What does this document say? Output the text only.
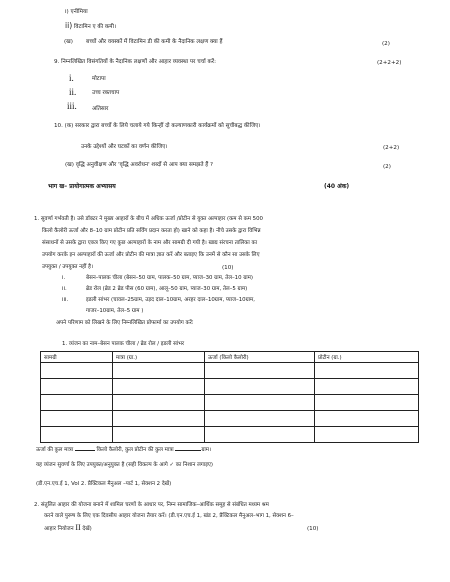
i) एनीमिया
ii) विटामिन ए की कमी।
(ख) बच्चों और वयस्कों में विटामिन डी की कमी के नैदानिक लक्षण क्या हैं	(2)
9. निम्नलिखित विसंगतियों के नैदानिक लक्षणों और आहार व्यवस्था पर चर्चा करें:	(2+2+2)
i.	मोटापा
ii.	उच्च रक्तचाप
iii.	अतिसार
10. (क) सरकार द्वारा बच्चों के लिये चलाये गये किन्हीं दो कल्याणकारी कार्यक्रमों को सूचीबद्ध कीजिए।
उनके उद्देश्यों और घटकों का वर्णन कीजिए।	(2+2)
(ख) वृद्धि अनुवीक्षण और 'वृद्धि अवरोधन' शब्दों से आप क्या समझते हैं ?	(2)
भाग ख– प्रायोगात्मक अभ्यासय	(40 अंक)
1. सुवर्णा गर्भवती है। उसे डॉक्टर ने मुख्य आहारों के बीच में अधिक ऊर्जा /प्रोटीन से युक्त अल्पाहार (कम से कम 500
किलो कैलोरी ऊर्जा और 8–10 ग्राम प्रोटीन प्रति सर्विंग प्रदान करता हो) खाने को कहा है। नीचे उसके द्वारा विभिन्न
संसाधनों से उसके द्वारा एकत्र किए गए कुछ अल्पाहारों के नाम और सामग्री दी गयी है। खाद्य संरचना तालिका का
उपयोग करके इन अल्पाहारों की ऊर्जा और प्रोटीन की मात्रा ज्ञात करें और बताइए कि उनमें से कौन सा उसके लिए
उपयुक्त / उपयुक्त नहीं है।	(10)
i.	बेसन–पालक चीला (बेसन–50 ग्राम, पालक–50 ग्राम, प्याज–30 ग्राम, तेल–10 ग्राम)
ii.	ब्रेड रोल (ब्रेड 2 ब्रेड पीस (60 ग्राम), आलू–50 ग्राम, प्याज–30 ग्राम, तेल–5 ग्राम)
iii.	इडली सांभर (चावल–25ग्राम, उड़द दाल–10ग्राम, अरहर दाल–10ग्राम, प्याज–10ग्राम,
गाजर–10ग्राम, तेल–5 ग्राम )
अपने परिणाम को लिखने के लिए निम्नलिखित प्रोफार्मा का उपयोग करेंः
1. व्यंजन का नाम–बेसन पालक चीला / ब्रेड रोल / इडली सांभर
सामग्री	मात्रा (ग्रा.)	ऊर्जा (किलो कैलोरी)	प्रोटीन (ग्रा.)

ऊर्जा की कुल मात्रा	किलो कैलोरी, कुल प्रोटीन की कुल मात्रा	ग्राम।
यह व्यंजन सुवर्णा के लिए उपयुक्त/अनुयुक्त है (सही विकल्प के आगे ✓ का निशान लगाइए)
(डी.एन.एच.ई 1, Vol 2. प्रैक्टिकल मैनुअल –पार्ट 1, सेक्शन 2 देखें)
2. संतुलित आहार की योजना बनाने में शामिल चरणों के आधार पर, निम्न सामाजिक–आर्थिक समूह से संबंधित मध्यम श्रम
करने वाले पुरूष के लिए एक दिवसीय आहार योजना तैयार करें। (डी.एन.एच.ई 1, खंड 2, प्रैक्टिकल मैनुअल–भाग 1, सेक्शन 6–
आहार नियोजन II देखें)	(10)
